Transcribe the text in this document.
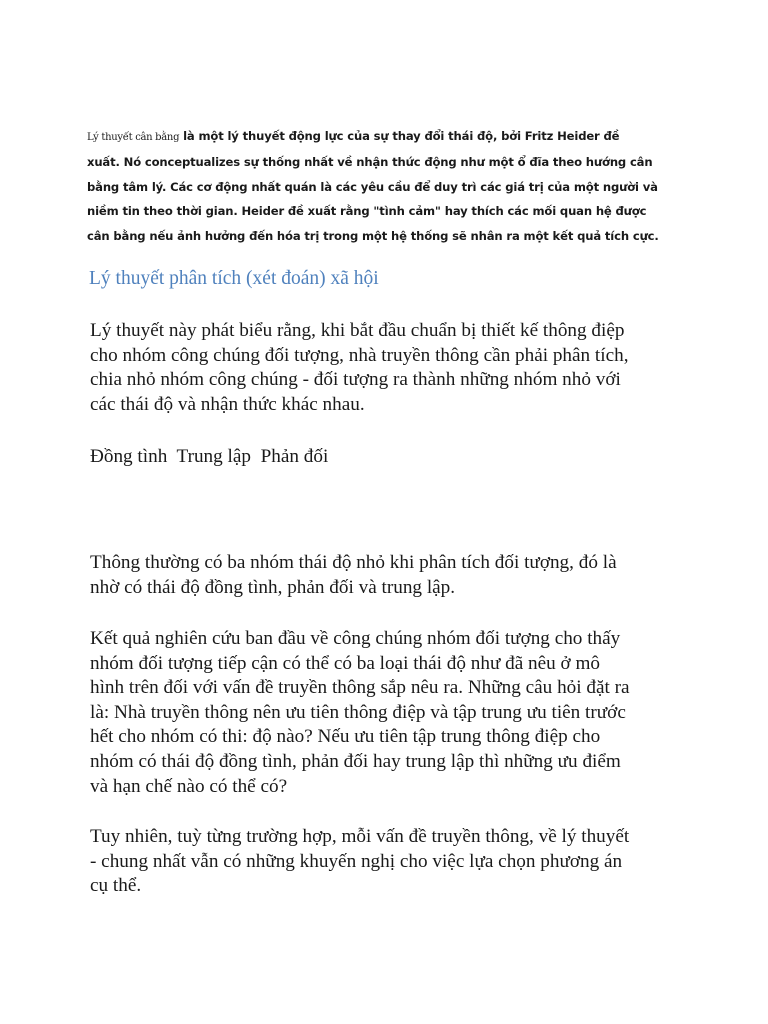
Lý thuyết cân bằng là một lý thuyết động lực của sự thay đổi thái độ, bởi Fritz Heider đề
xuất. Nó conceptualizes sự thống nhất về nhận thức động như một ổ đĩa theo hướng cân
bằng tâm lý. Các cơ động nhất quán là các yêu cầu để duy trì các giá trị của một người và
niềm tin theo thời gian. Heider đề xuất rằng "tình cảm" hay thích các mối quan hệ được
cân bằng nếu ảnh hưởng đến hóa trị trong một hệ thống sẽ nhân ra một kết quả tích cực.
Lý thuyết phân tích (xét đoán) xã hội
Lý thuyết này phát biểu rằng, khi bắt đầu chuẩn bị thiết kế thông điệp
cho nhóm công chúng đối tượng, nhà truyền thông cần phải phân tích,
chia nhỏ nhóm công chúng - đối tượng ra thành những nhóm nhỏ với
các thái độ và nhận thức khác nhau.
Đồng tình  Trung lập  Phản đối
Thông thường có ba nhóm thái độ nhỏ khi phân tích đối tượng, đó là
nhờ có thái độ đồng tình, phản đối và trung lập.
Kết quả nghiên cứu ban đầu về công chúng nhóm đối tượng cho thấy
nhóm đối tượng tiếp cận có thể có ba loại thái độ như đã nêu ở mô
hình trên đối với vấn đề truyền thông sắp nêu ra. Những câu hỏi đặt ra
là: Nhà truyền thông nên ưu tiên thông điệp và tập trung ưu tiên trước
hết cho nhóm có thi: độ nào? Nếu ưu tiên tập trung thông điệp cho
nhóm có thái độ đồng tình, phản đối hay trung lập thì những ưu điểm
và hạn chế nào có thể có?
Tuy nhiên, tuỳ từng trường hợp, mỗi vấn đề truyền thông, về lý thuyết
- chung nhất vẫn có những khuyến nghị cho việc lựa chọn phương án
cụ thể.
